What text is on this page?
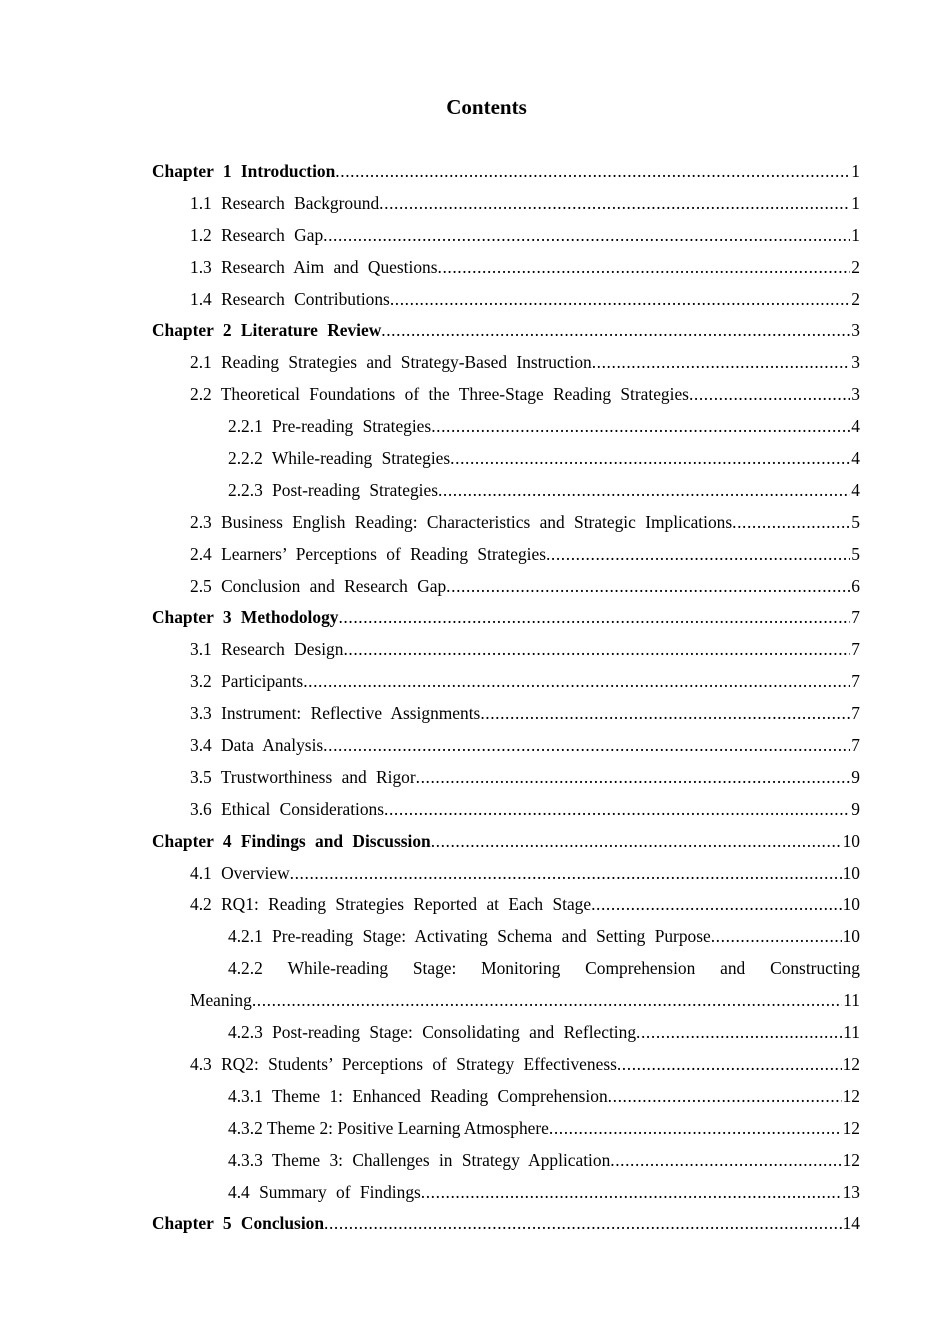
Contents
Chapter 1 Introduction .....	1
1.1 Research Background .....	1
1.2 Research Gap .....	1
1.3 Research Aim and Questions .....	2
1.4 Research Contributions .....	2
Chapter 2 Literature Review .....	3
2.1 Reading Strategies and Strategy-Based Instruction .....	3
2.2 Theoretical Foundations of the Three-Stage Reading Strategies .....	3
2.2.1 Pre-reading Strategies .....	4
2.2.2 While-reading Strategies .....	4
2.2.3 Post-reading Strategies .....	4
2.3 Business English Reading: Characteristics and Strategic Implications .....	5
2.4 Learners’ Perceptions of Reading Strategies .....	5
2.5 Conclusion and Research Gap .....	6
Chapter 3 Methodology .....	7
3.1 Research Design .....	7
3.2 Participants .....	7
3.3 Instrument: Reflective Assignments .....	7
3.4 Data Analysis .....	7
3.5 Trustworthiness and Rigor .....	9
3.6 Ethical Considerations .....	9
Chapter 4 Findings and Discussion .....	10
4.1 Overview .....	10
4.2 RQ1: Reading Strategies Reported at Each Stage .....	10
4.2.1 Pre-reading Stage: Activating Schema and Setting Purpose .....	10
4.2.2 While-reading Stage: Monitoring Comprehension and Constructing
Meaning .....	11
4.2.3 Post-reading Stage: Consolidating and Reflecting .....	11
4.3 RQ2: Students’ Perceptions of Strategy Effectiveness .....	12
4.3.1 Theme 1: Enhanced Reading Comprehension .....	12
4.3.2 Theme 2: Positive Learning Atmosphere .....	12
4.3.3 Theme 3: Challenges in Strategy Application .....	12
4.4 Summary of Findings .....	13
Chapter 5 Conclusion .....	14
